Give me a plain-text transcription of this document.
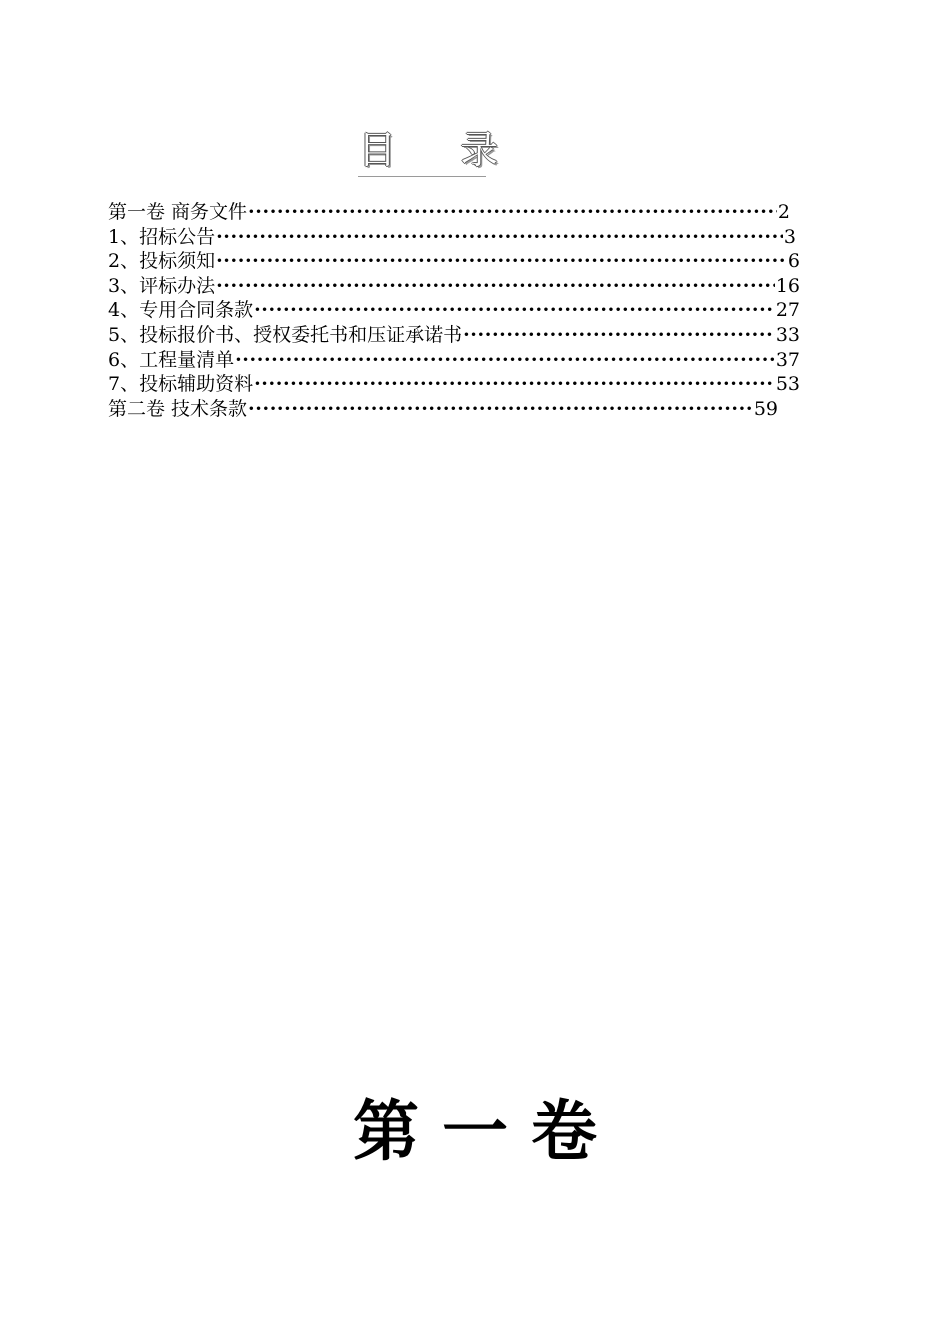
目 录
第一卷 商务文件 ·····	2
1、招标公告 ·····	3
2、投标须知 ·····	6
3、评标办法 ·····	16
4、专用合同条款 ·····	27
5、投标报价书、授权委托书和压证承诺书 ·····	33
6、工程量清单 ·····	37
7、投标辅助资料 ·····	53
第二卷 技术条款 ·····	59
第 一 卷
